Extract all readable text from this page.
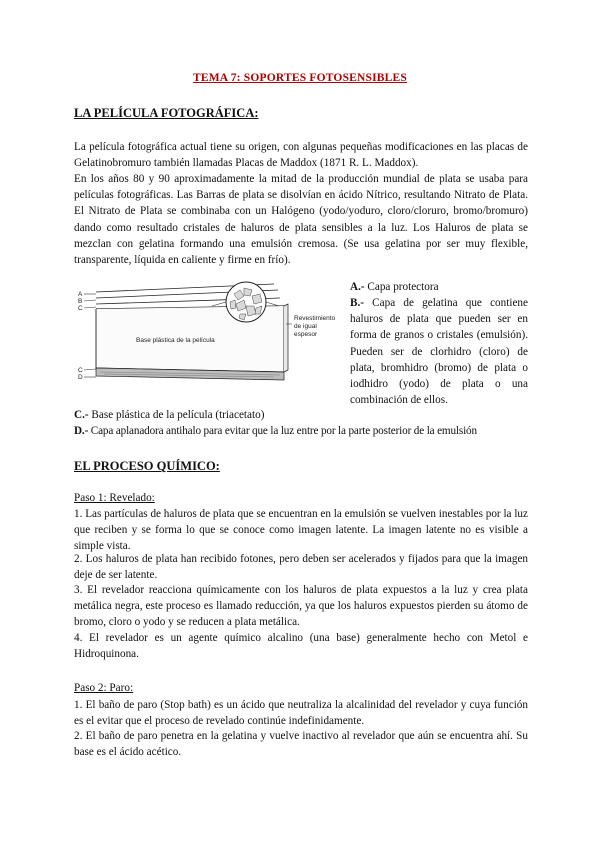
TEMA 7: SOPORTES FOTOSENSIBLES
LA PELÍCULA FOTOGRÁFICA:

La película fotográfica actual tiene su origen, con algunas pequeñas modificaciones en las placas de Gelatinobromuro también llamadas Placas de Maddox (1871 R. L. Maddox).

En los años 80 y 90 aproximadamente la mitad de la producción mundial de plata se usaba para películas fotográficas. Las Barras de plata se disolvían en ácido Nítrico, resultando Nitrato de Plata. El Nitrato de Plata se combinaba con un Halógeno (yodo/yoduro, cloro/cloruro, bromo/bromuro) dando como resultado cristales de haluros de plata sensibles a la luz. Los Haluros de plata se mezclan con gelatina formando una emulsión cremosa. (Se usa gelatina por ser muy flexible, transparente, líquida en caliente y firme en frío).

A
B
C
C
D
Base plástica de la película
Revestimiento
de igual
espesor

A.- Capa protectora

B.- Capa de gelatina que contiene haluros de plata que pueden ser en forma de granos o cristales (emulsión). Pueden ser de clorhidro (cloro) de plata, bromhidro (bromo) de plata o iodhidro (yodo) de plata o una combinación de ellos.

C.- Base plástica de la película (triacetato)

D.- Capa aplanadora antihalo para evitar que la luz entre por la parte posterior de la emulsión

EL PROCESO QUÍMICO:
Paso 1: Revelado:

1. Las partículas de haluros de plata que se encuentran en la emulsión se vuelven inestables por la luz que reciben y se forma lo que se conoce como imagen latente. La imagen latente no es visible a simple vista.

2. Los haluros de plata han recibido fotones, pero deben ser acelerados y fijados para que la imagen deje de ser latente.

3. El revelador reacciona químicamente con los haluros de plata expuestos a la luz y crea plata metálica negra, este proceso es llamado reducción, ya que los haluros expuestos pierden su átomo de bromo, cloro o yodo y se reducen a plata metálica.

4. El revelador es un agente químico alcalino (una base) generalmente hecho con Metol e Hidroquinona.

Paso 2: Paro:

1. El baño de paro (Stop bath) es un ácido que neutraliza la alcalinidad del revelador y cuya función es el evitar que el proceso de revelado continúe indefinidamente.

2. El baño de paro penetra en la gelatina y vuelve inactivo al revelador que aún se encuentra ahí. Su base es el ácido acético.
